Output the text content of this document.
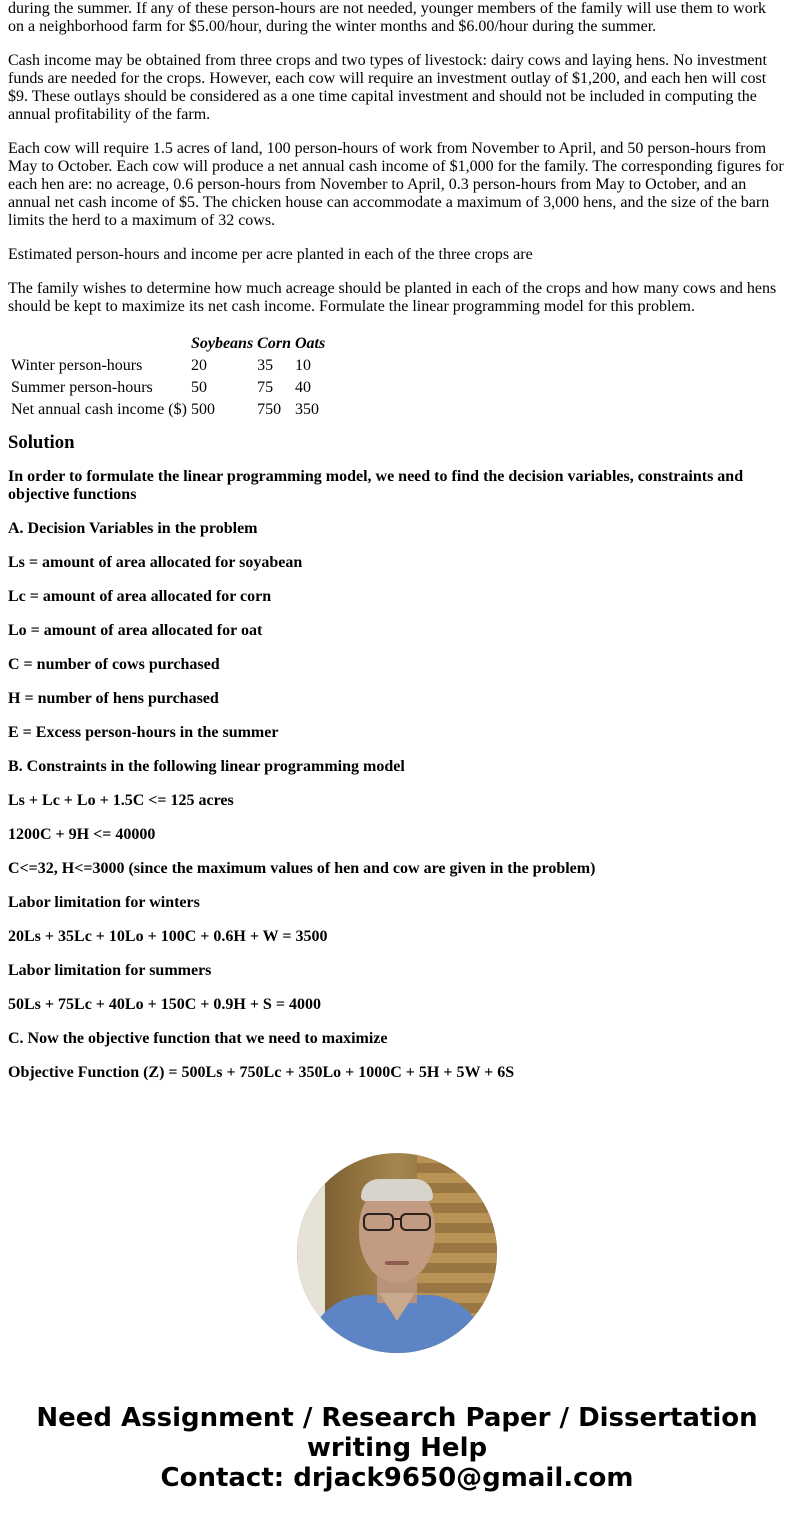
during the summer. If any of these person-hours are not needed, younger members of the family will use them to work on a neighborhood farm for $5.00/hour, during the winter months and $6.00/hour during the summer.

Cash income may be obtained from three crops and two types of livestock: dairy cows and laying hens. No investment funds are needed for the crops. However, each cow will require an investment outlay of $1,200, and each hen will cost $9. These outlays should be considered as a one time capital investment and should not be included in computing the annual profitability of the farm.

Each cow will require 1.5 acres of land, 100 person-hours of work from November to April, and 50 person-hours from May to October. Each cow will produce a net annual cash income of $1,000 for the family. The corresponding figures for each hen are: no acreage, 0.6 person-hours from November to April, 0.3 person-hours from May to October, and an annual net cash income of $5. The chicken house can accommodate a maximum of 3,000 hens, and the size of the barn limits the herd to a maximum of 32 cows.

Estimated person-hours and income per acre planted in each of the three crops are

The family wishes to determine how much acreage should be planted in each of the crops and how many cows and hens should be kept to maximize its net cash income. Formulate the linear programming model for this problem.

	Soybeans	Corn	Oats
Winter person-hours	20	35	10
Summer person-hours	50	75	40
Net annual cash income ($)	500	750	350
Solution

In order to formulate the linear programming model, we need to find the decision variables, constraints and objective functions

A. Decision Variables in the problem

Ls = amount of area allocated for soyabean

Lc = amount of area allocated for corn

Lo = amount of area allocated for oat

C = number of cows purchased

H = number of hens purchased

E = Excess person-hours in the summer

B. Constraints in the following linear programming model

Ls + Lc + Lo + 1.5C <= 125 acres

1200C + 9H <= 40000

C<=32, H<=3000 (since the maximum values of hen and cow are given in the problem)

Labor limitation for winters

20Ls + 35Lc + 10Lo + 100C + 0.6H + W = 3500

Labor limitation for summers

50Ls + 75Lc + 40Lo + 150C + 0.9H + S = 4000

C. Now the objective function that we need to maximize

Objective Function (Z) = 500Ls + 750Lc + 350Lo + 1000C + 5H + 5W + 6S

Need Assignment / Research Paper / Dissertation
writing Help
Contact: drjack9650@gmail.com
